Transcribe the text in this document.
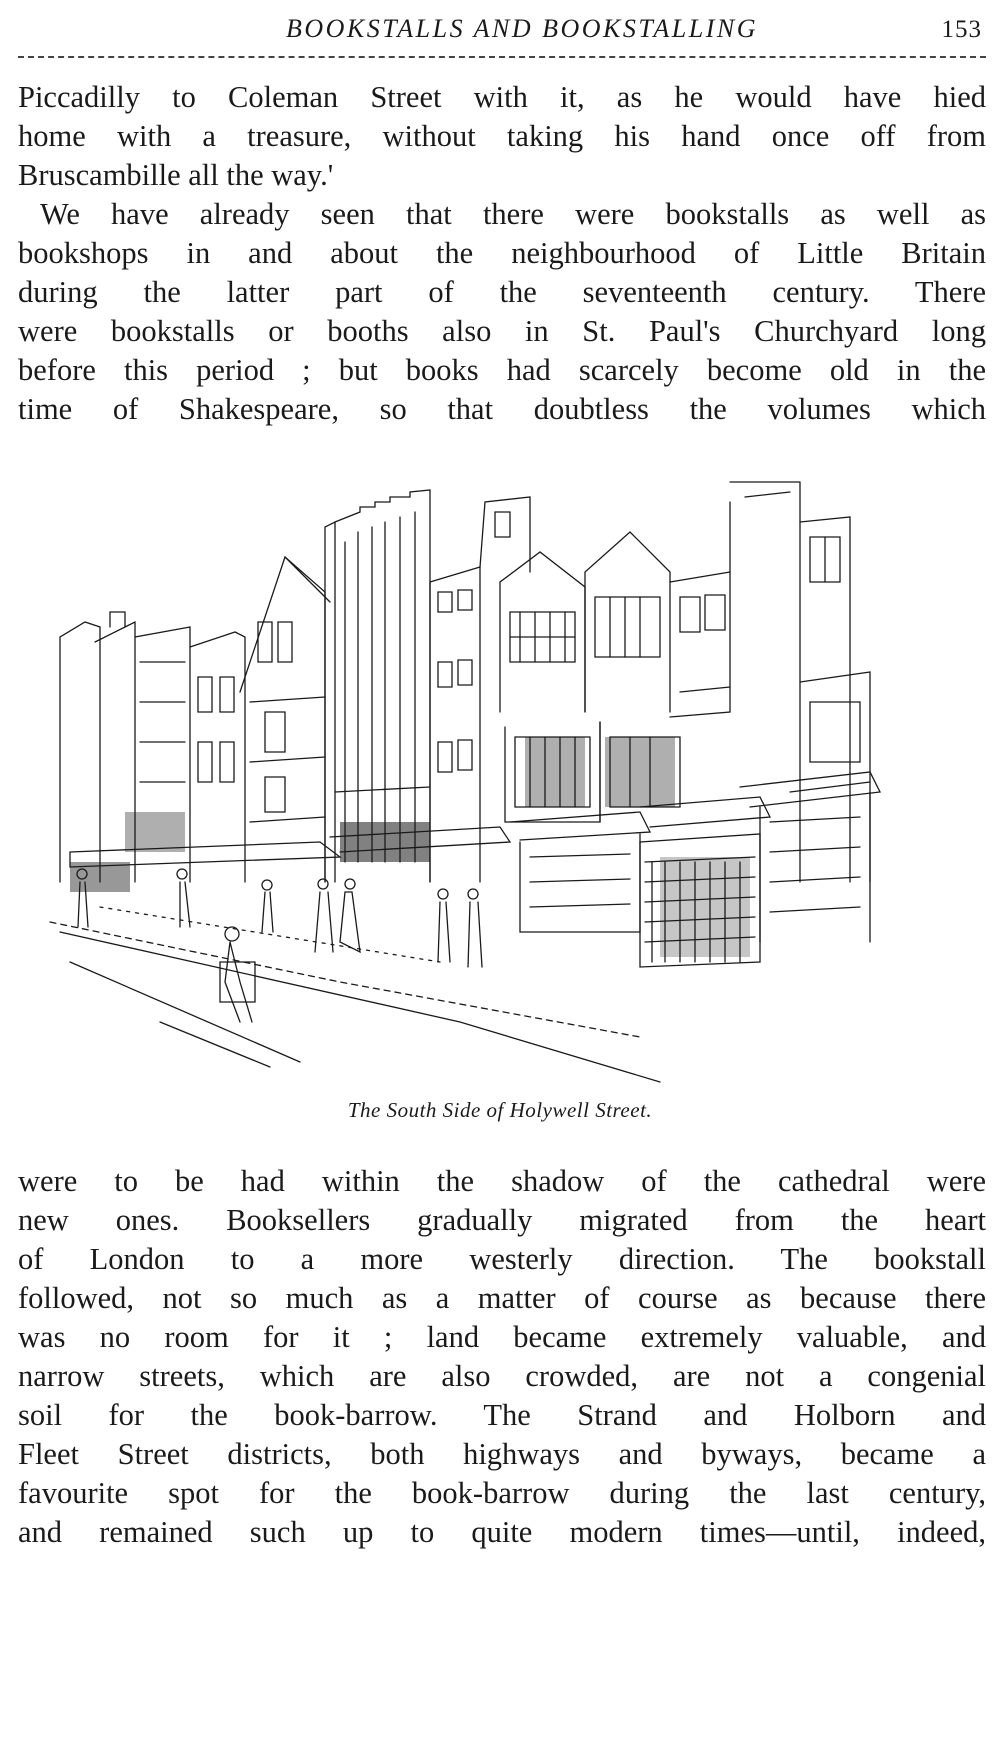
BOOKSTALLS AND BOOKSTALLING	153
Piccadilly to Coleman Street with it, as he would have hied
home with a treasure, without taking his hand once off from
Bruscambille all the way.'
We have already seen that there were bookstalls as well as
bookshops in and about the neighbourhood of Little Britain
during the latter part of the seventeenth century. There
were bookstalls or booths also in St. Paul's Churchyard long
before this period ; but books had scarcely become old in the
time of Shakespeare, so that doubtless the volumes which
The South Side of Holywell Street.
were to be had within the shadow of the cathedral were
new ones. Booksellers gradually migrated from the heart
of London to a more westerly direction. The bookstall
followed, not so much as a matter of course as because there
was no room for it ; land became extremely valuable, and
narrow streets, which are also crowded, are not a congenial
soil for the book-barrow. The Strand and Holborn and
Fleet Street districts, both highways and byways, became a
favourite spot for the book-barrow during the last century,
and remained such up to quite modern times—until, indeed,
